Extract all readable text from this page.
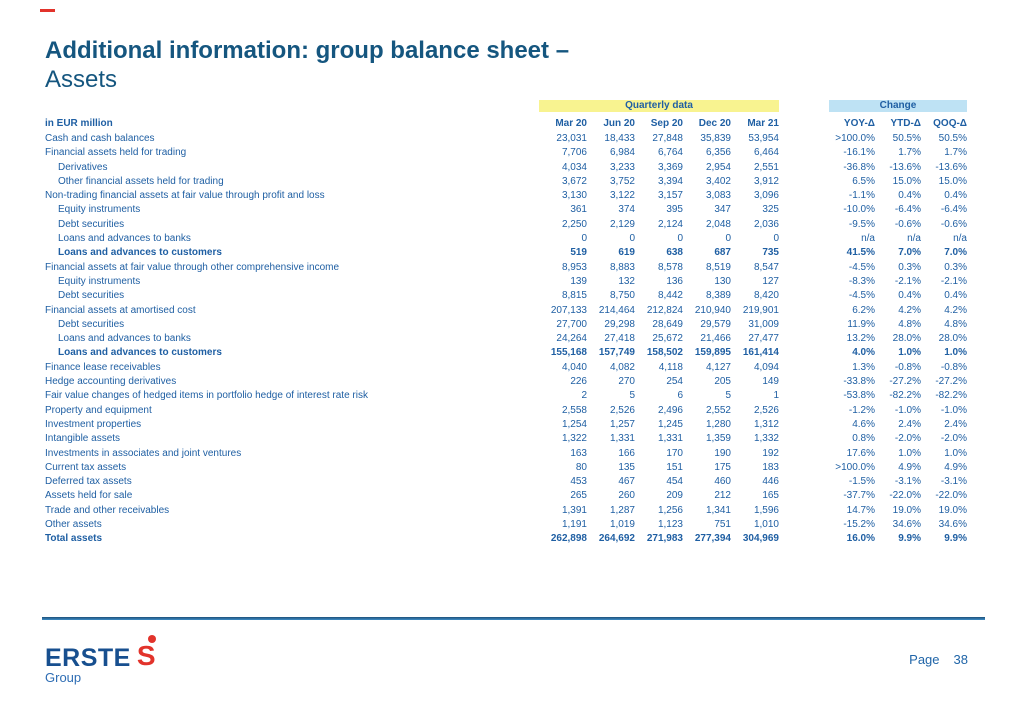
Additional information: group balance sheet –
Assets
	Quarterly data						Change		
in EUR million	Mar 20	Jun 20	Sep 20	Dec 20	Mar 21		YOY-Δ	YTD-Δ	QOQ-Δ
Cash and cash balances	23,031	18,433	27,848	35,839	53,954		>100.0%	50.5%	50.5%
Financial assets held for trading	7,706	6,984	6,764	6,356	6,464		-16.1%	1.7%	1.7%
Derivatives	4,034	3,233	3,369	2,954	2,551		-36.8%	-13.6%	-13.6%
Other financial assets held for trading	3,672	3,752	3,394	3,402	3,912		6.5%	15.0%	15.0%
Non-trading financial assets at fair value through profit and loss	3,130	3,122	3,157	3,083	3,096		-1.1%	0.4%	0.4%
Equity instruments	361	374	395	347	325		-10.0%	-6.4%	-6.4%
Debt securities	2,250	2,129	2,124	2,048	2,036		-9.5%	-0.6%	-0.6%
Loans and advances to banks	0	0	0	0	0		n/a	n/a	n/a
Loans and advances to customers	519	619	638	687	735		41.5%	7.0%	7.0%
Financial assets at fair value through other comprehensive income	8,953	8,883	8,578	8,519	8,547		-4.5%	0.3%	0.3%
Equity instruments	139	132	136	130	127		-8.3%	-2.1%	-2.1%
Debt securities	8,815	8,750	8,442	8,389	8,420		-4.5%	0.4%	0.4%
Financial assets at amortised cost	207,133	214,464	212,824	210,940	219,901		6.2%	4.2%	4.2%
Debt securities	27,700	29,298	28,649	29,579	31,009		11.9%	4.8%	4.8%
Loans and advances to banks	24,264	27,418	25,672	21,466	27,477		13.2%	28.0%	28.0%
Loans and advances to customers	155,168	157,749	158,502	159,895	161,414		4.0%	1.0%	1.0%
Finance lease receivables	4,040	4,082	4,118	4,127	4,094		1.3%	-0.8%	-0.8%
Hedge accounting derivatives	226	270	254	205	149		-33.8%	-27.2%	-27.2%
Fair value changes of hedged items in portfolio hedge of interest rate risk	2	5	6	5	1		-53.8%	-82.2%	-82.2%
Property and equipment	2,558	2,526	2,496	2,552	2,526		-1.2%	-1.0%	-1.0%
Investment properties	1,254	1,257	1,245	1,280	1,312		4.6%	2.4%	2.4%
Intangible assets	1,322	1,331	1,331	1,359	1,332		0.8%	-2.0%	-2.0%
Investments in associates and joint ventures	163	166	170	190	192		17.6%	1.0%	1.0%
Current tax assets	80	135	151	175	183		>100.0%	4.9%	4.9%
Deferred tax assets	453	467	454	460	446		-1.5%	-3.1%	-3.1%
Assets held for sale	265	260	209	212	165		-37.7%	-22.0%	-22.0%
Trade and other receivables	1,391	1,287	1,256	1,341	1,596		14.7%	19.0%	19.0%
Other assets	1,191	1,019	1,123	751	1,010		-15.2%	34.6%	34.6%
Total assets	262,898	264,692	271,983	277,394	304,969		16.0%	9.9%	9.9%
ERSTES
Group
Page 38
